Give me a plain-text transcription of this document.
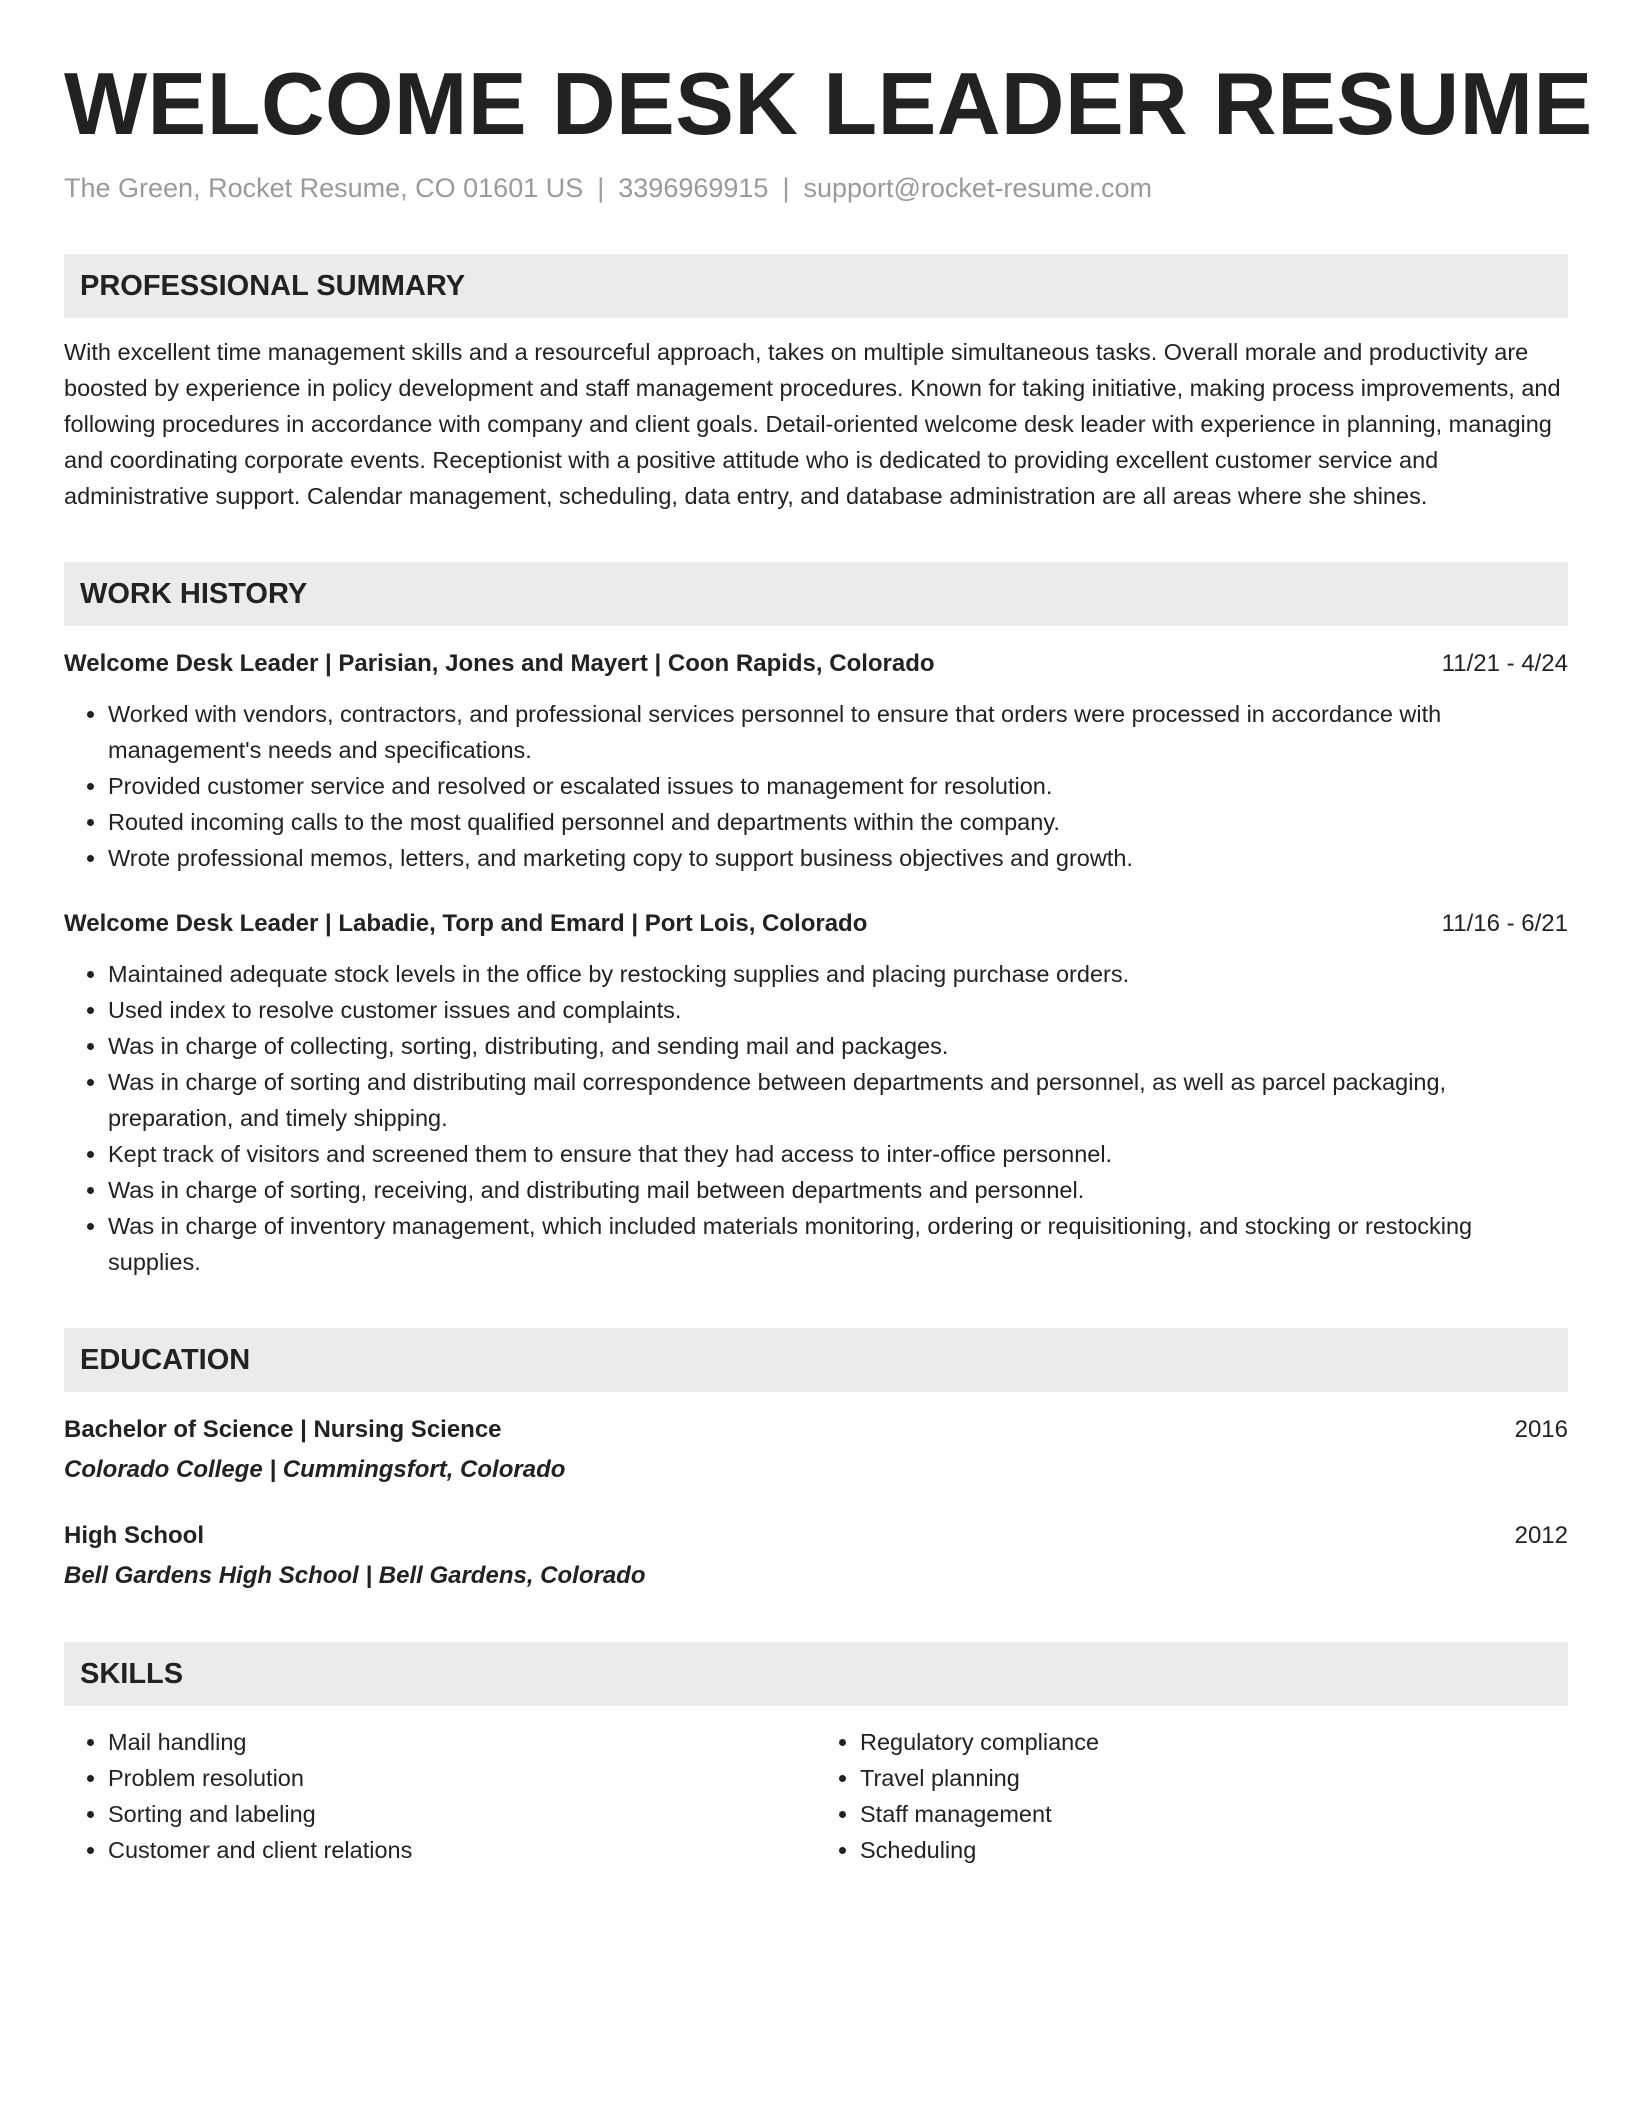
WELCOME DESK LEADER RESUME
The Green, Rocket Resume, CO 01601 US | 3396969915 | support@rocket-resume.com
PROFESSIONAL SUMMARY
With excellent time management skills and a resourceful approach, takes on multiple simultaneous tasks. Overall morale and productivity are boosted by experience in policy development and staff management procedures. Known for taking initiative, making process improvements, and following procedures in accordance with company and client goals. Detail-oriented welcome desk leader with experience in planning, managing and coordinating corporate events. Receptionist with a positive attitude who is dedicated to providing excellent customer service and administrative support. Calendar management, scheduling, data entry, and database administration are all areas where she shines.
WORK HISTORY
Welcome Desk Leader | Parisian, Jones and Mayert | Coon Rapids, Colorado	11/21 - 4/24
• Worked with vendors, contractors, and professional services personnel to ensure that orders were processed in accordance with management's needs and specifications.
• Provided customer service and resolved or escalated issues to management for resolution.
• Routed incoming calls to the most qualified personnel and departments within the company.
• Wrote professional memos, letters, and marketing copy to support business objectives and growth.
Welcome Desk Leader | Labadie, Torp and Emard | Port Lois, Colorado	11/16 - 6/21
• Maintained adequate stock levels in the office by restocking supplies and placing purchase orders.
• Used index to resolve customer issues and complaints.
• Was in charge of collecting, sorting, distributing, and sending mail and packages.
• Was in charge of sorting and distributing mail correspondence between departments and personnel, as well as parcel packaging, preparation, and timely shipping.
• Kept track of visitors and screened them to ensure that they had access to inter-office personnel.
• Was in charge of sorting, receiving, and distributing mail between departments and personnel.
• Was in charge of inventory management, which included materials monitoring, ordering or requisitioning, and stocking or restocking supplies.
EDUCATION
Bachelor of Science | Nursing Science	2016
Colorado College | Cummingsfort, Colorado
High School	2012
Bell Gardens High School | Bell Gardens, Colorado
SKILLS
• Mail handling
• Problem resolution
• Sorting and labeling
• Customer and client relations
• Regulatory compliance
• Travel planning
• Staff management
• Scheduling
